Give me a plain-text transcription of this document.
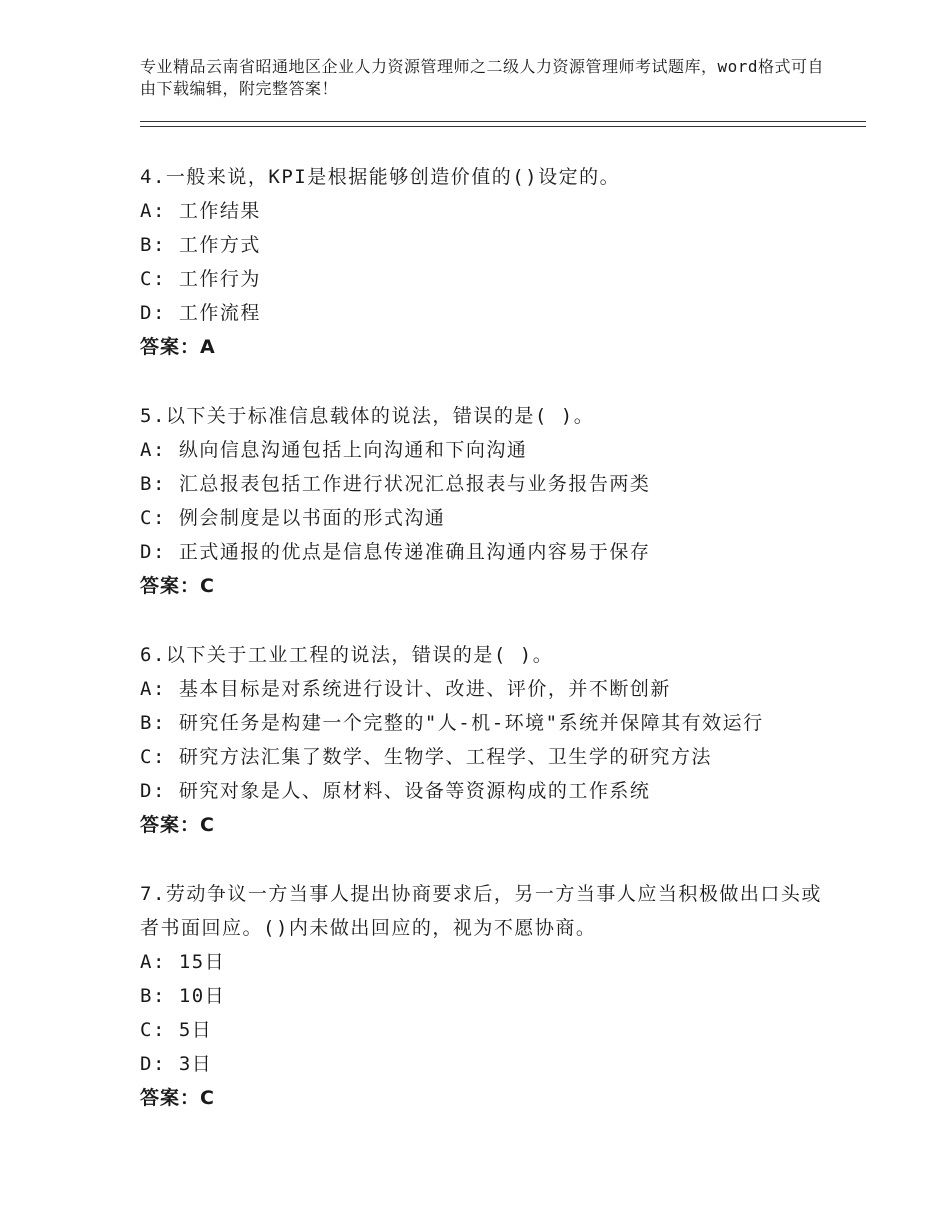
专业精品云南省昭通地区企业人力资源管理师之二级人力资源管理师考试题库，word格式可自由下载编辑，附完整答案！
4.一般来说，KPI是根据能够创造价值的()设定的。
A: 工作结果
B: 工作方式
C: 工作行为
D: 工作流程
答案：A
5.以下关于标准信息载体的说法，错误的是( )。
A: 纵向信息沟通包括上向沟通和下向沟通
B: 汇总报表包括工作进行状况汇总报表与业务报告两类
C: 例会制度是以书面的形式沟通
D: 正式通报的优点是信息传递准确且沟通内容易于保存
答案：C
6.以下关于工业工程的说法，错误的是( )。
A: 基本目标是对系统进行设计、改进、评价，并不断创新
B: 研究任务是构建一个完整的"人-机-环境"系统并保障其有效运行
C: 研究方法汇集了数学、生物学、工程学、卫生学的研究方法
D: 研究对象是人、原材料、设备等资源构成的工作系统
答案：C
7.劳动争议一方当事人提出协商要求后，另一方当事人应当积极做出口头或者书面回应。()内未做出回应的，视为不愿协商。
A: 15日
B: 10日
C: 5日
D: 3日
答案：C
